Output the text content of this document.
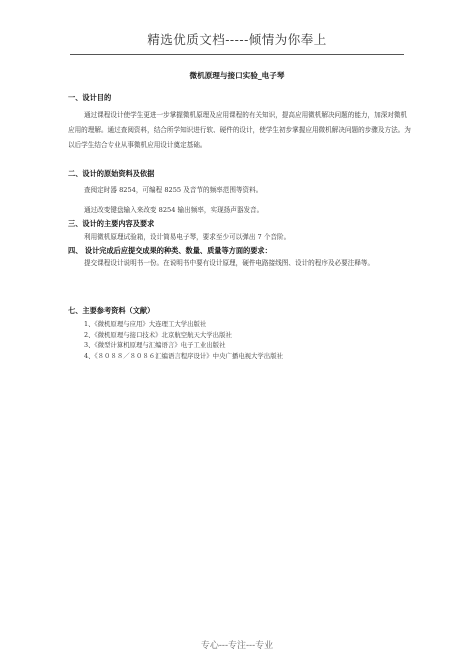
精选优质文档-----倾情为你奉上
微机原理与接口实验_电子琴

一、设计目的

通过课程设计使学生更进一步掌握微机原理及应用课程的有关知识，提高应用微机解决问题的能力，加深对微机应用的理解。通过查阅资料，结合所学知识进行软、硬件的设计，使学生初步掌握应用微机解决问题的步骤及方法。为以后学生结合专业从事微机应用设计奠定基础。

二、设计的原始资料及依据

查阅定时器 8254，可编程 8255 及音节的频率范围等资料。

通过改变键盘输入来改变 8254 输出频率，实现扬声器发音。

三、设计的主要内容及要求

利用微机原理试验箱，设计简易电子琴，要求至少可以弹出 7 个音阶。

四、 设计完成后应提交成果的种类、数量、质量等方面的要求：

提交课程设计说明书一份。在说明书中要有设计原理，硬件电路接线图、设计的程序及必要注释等。

七、主要参考资料（文献）

1、《微机原理与应用》大连理工大学出版社
2、《微机原理与接口技术》北京航空航天大学出版社
3、《微型计算机原理与汇编语言》电子工业出版社
4、《８０８８／８０８６汇编语言程序设计》中央广播电视大学出版社
专心---专注---专业
